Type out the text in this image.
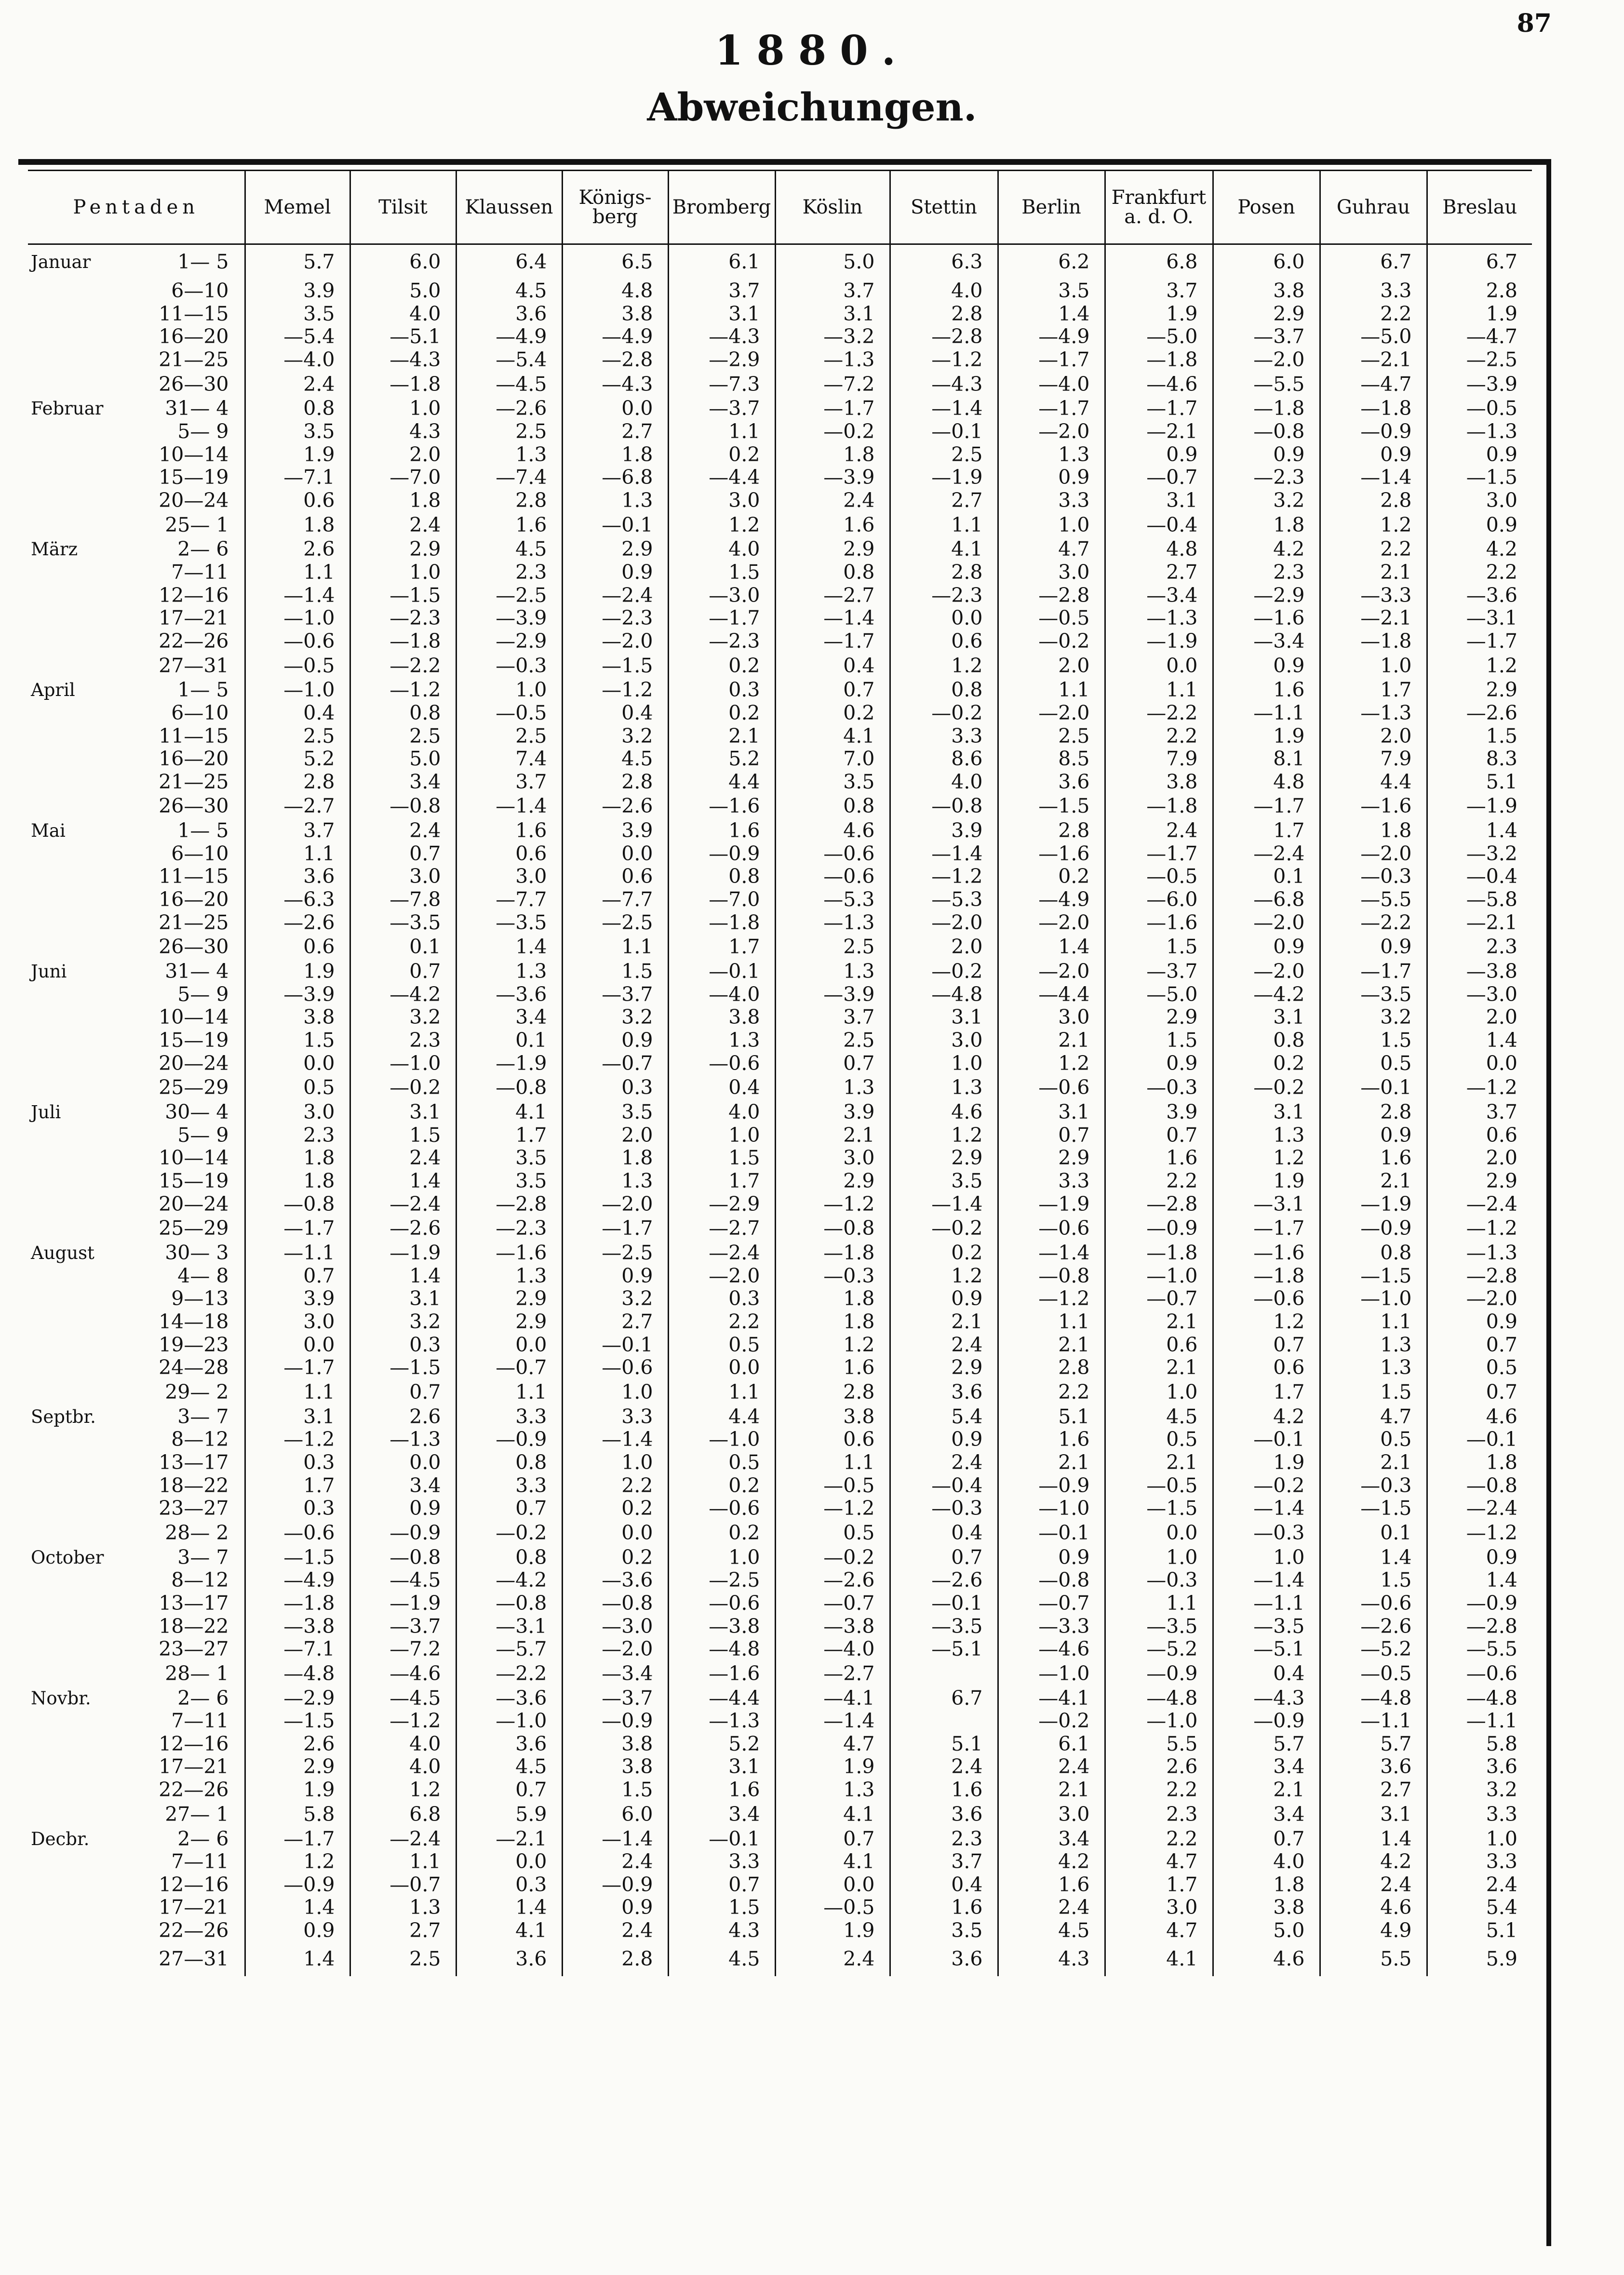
87
1880.
Abweichungen.
Pentaden	Memel	Tilsit	Klaussen	Königs-
berg	Bromberg	Köslin	Stettin	Berlin	Frankfurt
a. d. O.	Posen	Guhrau	Breslau

Januar 1— 5	5.7	6.0	6.4	6.5	6.1	5.0	6.3	6.2	6.8	6.0	6.7	6.7
6—10	3.9	5.0	4.5	4.8	3.7	3.7	4.0	3.5	3.7	3.8	3.3	2.8
11—15	3.5	4.0	3.6	3.8	3.1	3.1	2.8	1.4	1.9	2.9	2.2	1.9
16—20	—5.4	—5.1	—4.9	—4.9	—4.3	—3.2	—2.8	—4.9	—5.0	—3.7	—5.0	—4.7
21—25	—4.0	—4.3	—5.4	—2.8	—2.9	—1.3	—1.2	—1.7	—1.8	—2.0	—2.1	—2.5
26—30	2.4	—1.8	—4.5	—4.3	—7.3	—7.2	—4.3	—4.0	—4.6	—5.5	—4.7	—3.9

Februar 31— 4	0.8	1.0	—2.6	0.0	—3.7	—1.7	—1.4	—1.7	—1.7	—1.8	—1.8	—0.5
5— 9	3.5	4.3	2.5	2.7	1.1	—0.2	—0.1	—2.0	—2.1	—0.8	—0.9	—1.3
10—14	1.9	2.0	1.3	1.8	0.2	1.8	2.5	1.3	0.9	0.9	0.9	0.9
15—19	—7.1	—7.0	—7.4	—6.8	—4.4	—3.9	—1.9	0.9	—0.7	—2.3	—1.4	—1.5
20—24	0.6	1.8	2.8	1.3	3.0	2.4	2.7	3.3	3.1	3.2	2.8	3.0
25— 1	1.8	2.4	1.6	—0.1	1.2	1.6	1.1	1.0	—0.4	1.8	1.2	0.9

März 2— 6	2.6	2.9	4.5	2.9	4.0	2.9	4.1	4.7	4.8	4.2	2.2	4.2
7—11	1.1	1.0	2.3	0.9	1.5	0.8	2.8	3.0	2.7	2.3	2.1	2.2
12—16	—1.4	—1.5	—2.5	—2.4	—3.0	—2.7	—2.3	—2.8	—3.4	—2.9	—3.3	—3.6
17—21	—1.0	—2.3	—3.9	—2.3	—1.7	—1.4	0.0	—0.5	—1.3	—1.6	—2.1	—3.1
22—26	—0.6	—1.8	—2.9	—2.0	—2.3	—1.7	0.6	—0.2	—1.9	—3.4	—1.8	—1.7
27—31	—0.5	—2.2	—0.3	—1.5	0.2	0.4	1.2	2.0	0.0	0.9	1.0	1.2

April 1— 5	—1.0	—1.2	1.0	—1.2	0.3	0.7	0.8	1.1	1.1	1.6	1.7	2.9
6—10	0.4	0.8	—0.5	0.4	0.2	0.2	—0.2	—2.0	—2.2	—1.1	—1.3	—2.6
11—15	2.5	2.5	2.5	3.2	2.1	4.1	3.3	2.5	2.2	1.9	2.0	1.5
16—20	5.2	5.0	7.4	4.5	5.2	7.0	8.6	8.5	7.9	8.1	7.9	8.3
21—25	2.8	3.4	3.7	2.8	4.4	3.5	4.0	3.6	3.8	4.8	4.4	5.1
26—30	—2.7	—0.8	—1.4	—2.6	—1.6	0.8	—0.8	—1.5	—1.8	—1.7	—1.6	—1.9

Mai 1— 5	3.7	2.4	1.6	3.9	1.6	4.6	3.9	2.8	2.4	1.7	1.8	1.4
6—10	1.1	0.7	0.6	0.0	—0.9	—0.6	—1.4	—1.6	—1.7	—2.4	—2.0	—3.2
11—15	3.6	3.0	3.0	0.6	0.8	—0.6	—1.2	0.2	—0.5	0.1	—0.3	—0.4
16—20	—6.3	—7.8	—7.7	—7.7	—7.0	—5.3	—5.3	—4.9	—6.0	—6.8	—5.5	—5.8
21—25	—2.6	—3.5	—3.5	—2.5	—1.8	—1.3	—2.0	—2.0	—1.6	—2.0	—2.2	—2.1
26—30	0.6	0.1	1.4	1.1	1.7	2.5	2.0	1.4	1.5	0.9	0.9	2.3

Juni 31— 4	1.9	0.7	1.3	1.5	—0.1	1.3	—0.2	—2.0	—3.7	—2.0	—1.7	—3.8
5— 9	—3.9	—4.2	—3.6	—3.7	—4.0	—3.9	—4.8	—4.4	—5.0	—4.2	—3.5	—3.0
10—14	3.8	3.2	3.4	3.2	3.8	3.7	3.1	3.0	2.9	3.1	3.2	2.0
15—19	1.5	2.3	0.1	0.9	1.3	2.5	3.0	2.1	1.5	0.8	1.5	1.4
20—24	0.0	—1.0	—1.9	—0.7	—0.6	0.7	1.0	1.2	0.9	0.2	0.5	0.0
25—29	0.5	—0.2	—0.8	0.3	0.4	1.3	1.3	—0.6	—0.3	—0.2	—0.1	—1.2

Juli 30— 4	3.0	3.1	4.1	3.5	4.0	3.9	4.6	3.1	3.9	3.1	2.8	3.7
5— 9	2.3	1.5	1.7	2.0	1.0	2.1	1.2	0.7	0.7	1.3	0.9	0.6
10—14	1.8	2.4	3.5	1.8	1.5	3.0	2.9	2.9	1.6	1.2	1.6	2.0
15—19	1.8	1.4	3.5	1.3	1.7	2.9	3.5	3.3	2.2	1.9	2.1	2.9
20—24	—0.8	—2.4	—2.8	—2.0	—2.9	—1.2	—1.4	—1.9	—2.8	—3.1	—1.9	—2.4
25—29	—1.7	—2.6	—2.3	—1.7	—2.7	—0.8	—0.2	—0.6	—0.9	—1.7	—0.9	—1.2

August 30— 3	—1.1	—1.9	—1.6	—2.5	—2.4	—1.8	0.2	—1.4	—1.8	—1.6	0.8	—1.3
4— 8	0.7	1.4	1.3	0.9	—2.0	—0.3	1.2	—0.8	—1.0	—1.8	—1.5	—2.8
9—13	3.9	3.1	2.9	3.2	0.3	1.8	0.9	—1.2	—0.7	—0.6	—1.0	—2.0
14—18	3.0	3.2	2.9	2.7	2.2	1.8	2.1	1.1	2.1	1.2	1.1	0.9
19—23	0.0	0.3	0.0	—0.1	0.5	1.2	2.4	2.1	0.6	0.7	1.3	0.7
24—28	—1.7	—1.5	—0.7	—0.6	0.0	1.6	2.9	2.8	2.1	0.6	1.3	0.5
29— 2	1.1	0.7	1.1	1.0	1.1	2.8	3.6	2.2	1.0	1.7	1.5	0.7

Septbr. 3— 7	3.1	2.6	3.3	3.3	4.4	3.8	5.4	5.1	4.5	4.2	4.7	4.6
8—12	—1.2	—1.3	—0.9	—1.4	—1.0	0.6	0.9	1.6	0.5	—0.1	0.5	—0.1
13—17	0.3	0.0	0.8	1.0	0.5	1.1	2.4	2.1	2.1	1.9	2.1	1.8
18—22	1.7	3.4	3.3	2.2	0.2	—0.5	—0.4	—0.9	—0.5	—0.2	—0.3	—0.8
23—27	0.3	0.9	0.7	0.2	—0.6	—1.2	—0.3	—1.0	—1.5	—1.4	—1.5	—2.4
28— 2	—0.6	—0.9	—0.2	0.0	0.2	0.5	0.4	—0.1	0.0	—0.3	0.1	—1.2

October 3— 7	—1.5	—0.8	0.8	0.2	1.0	—0.2	0.7	0.9	1.0	1.0	1.4	0.9
8—12	—4.9	—4.5	—4.2	—3.6	—2.5	—2.6	—2.6	—0.8	—0.3	—1.4	1.5	1.4
13—17	—1.8	—1.9	—0.8	—0.8	—0.6	—0.7	—0.1	—0.7	1.1	—1.1	—0.6	—0.9
18—22	—3.8	—3.7	—3.1	—3.0	—3.8	—3.8	—3.5	—3.3	—3.5	—3.5	—2.6	—2.8
23—27	—7.1	—7.2	—5.7	—2.0	—4.8	—4.0	—5.1	—4.6	—5.2	—5.1	—5.2	—5.5
28— 1	—4.8	—4.6	—2.2	—3.4	—1.6	—2.7		—1.0	—0.9	0.4	—0.5	—0.6

Novbr. 2— 6	—2.9	—4.5	—3.6	—3.7	—4.4	—4.1	6.7	—4.1	—4.8	—4.3	—4.8	—4.8
7—11	—1.5	—1.2	—1.0	—0.9	—1.3	—1.4		—0.2	—1.0	—0.9	—1.1	—1.1
12—16	2.6	4.0	3.6	3.8	5.2	4.7	5.1	6.1	5.5	5.7	5.7	5.8
17—21	2.9	4.0	4.5	3.8	3.1	1.9	2.4	2.4	2.6	3.4	3.6	3.6
22—26	1.9	1.2	0.7	1.5	1.6	1.3	1.6	2.1	2.2	2.1	2.7	3.2
27— 1	5.8	6.8	5.9	6.0	3.4	4.1	3.6	3.0	2.3	3.4	3.1	3.3

Decbr. 2— 6	—1.7	—2.4	—2.1	—1.4	—0.1	0.7	2.3	3.4	2.2	0.7	1.4	1.0
7—11	1.2	1.1	0.0	2.4	3.3	4.1	3.7	4.2	4.7	4.0	4.2	3.3
12—16	—0.9	—0.7	0.3	—0.9	0.7	0.0	0.4	1.6	1.7	1.8	2.4	2.4
17—21	1.4	1.3	1.4	0.9	1.5	—0.5	1.6	2.4	3.0	3.8	4.6	5.4
22—26	0.9	2.7	4.1	2.4	4.3	1.9	3.5	4.5	4.7	5.0	4.9	5.1
27—31	1.4	2.5	3.6	2.8	4.5	2.4	3.6	4.3	4.1	4.6	5.5	5.9
